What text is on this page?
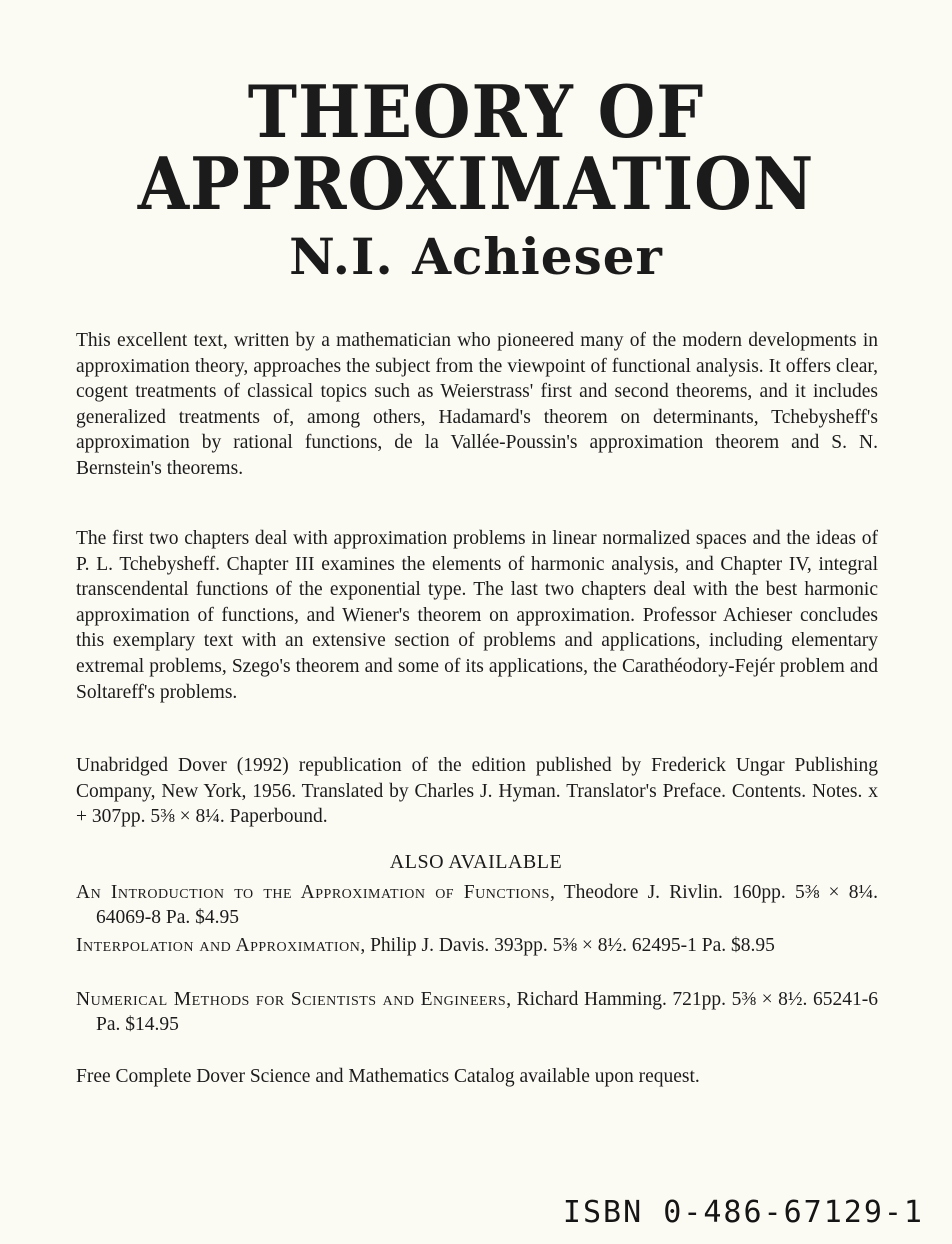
THEORY OF
APPROXIMATION
N.I. Achieser

This excellent text, written by a mathematician who pioneered many of the modern developments in approximation theory, approaches the subject from the viewpoint of functional analysis. It offers clear, cogent treatments of classical topics such as Weierstrass' first and second theorems, and it includes generalized treatments of, among others, Hadamard's theorem on determinants, Tchebysheff's approximation by rational functions, de la Vallée-Poussin's approximation theorem and S. N. Bernstein's theorems.

The first two chapters deal with approximation problems in linear normalized spaces and the ideas of P. L. Tchebysheff. Chapter III examines the elements of harmonic analysis, and Chapter IV, integral transcendental functions of the exponential type. The last two chapters deal with the best harmonic approximation of functions, and Wiener's theorem on approximation. Professor Achieser concludes this exemplary text with an extensive section of problems and applications, including elementary extremal problems, Szego's theorem and some of its applications, the Carathéodory-Fejér problem and Soltareff's problems.

Unabridged Dover (1992) republication of the edition published by Frederick Ungar Publishing Company, New York, 1956. Translated by Charles J. Hyman. Translator's Preface. Contents. Notes. x + 307pp. 5⅜ × 8¼. Paperbound.

ALSO AVAILABLE

An Introduction to the Approximation of Functions, Theodore J. Rivlin. 160pp. 5⅜ × 8¼. 64069-8 Pa. $4.95

Interpolation and Approximation, Philip J. Davis. 393pp. 5⅜ × 8½. 62495-1 Pa. $8.95

Numerical Methods for Scientists and Engineers, Richard Hamming. 721pp. 5⅜ × 8½. 65241-6 Pa. $14.95

Free Complete Dover Science and Mathematics Catalog available upon request.

ISBN 0-486-67129-1
